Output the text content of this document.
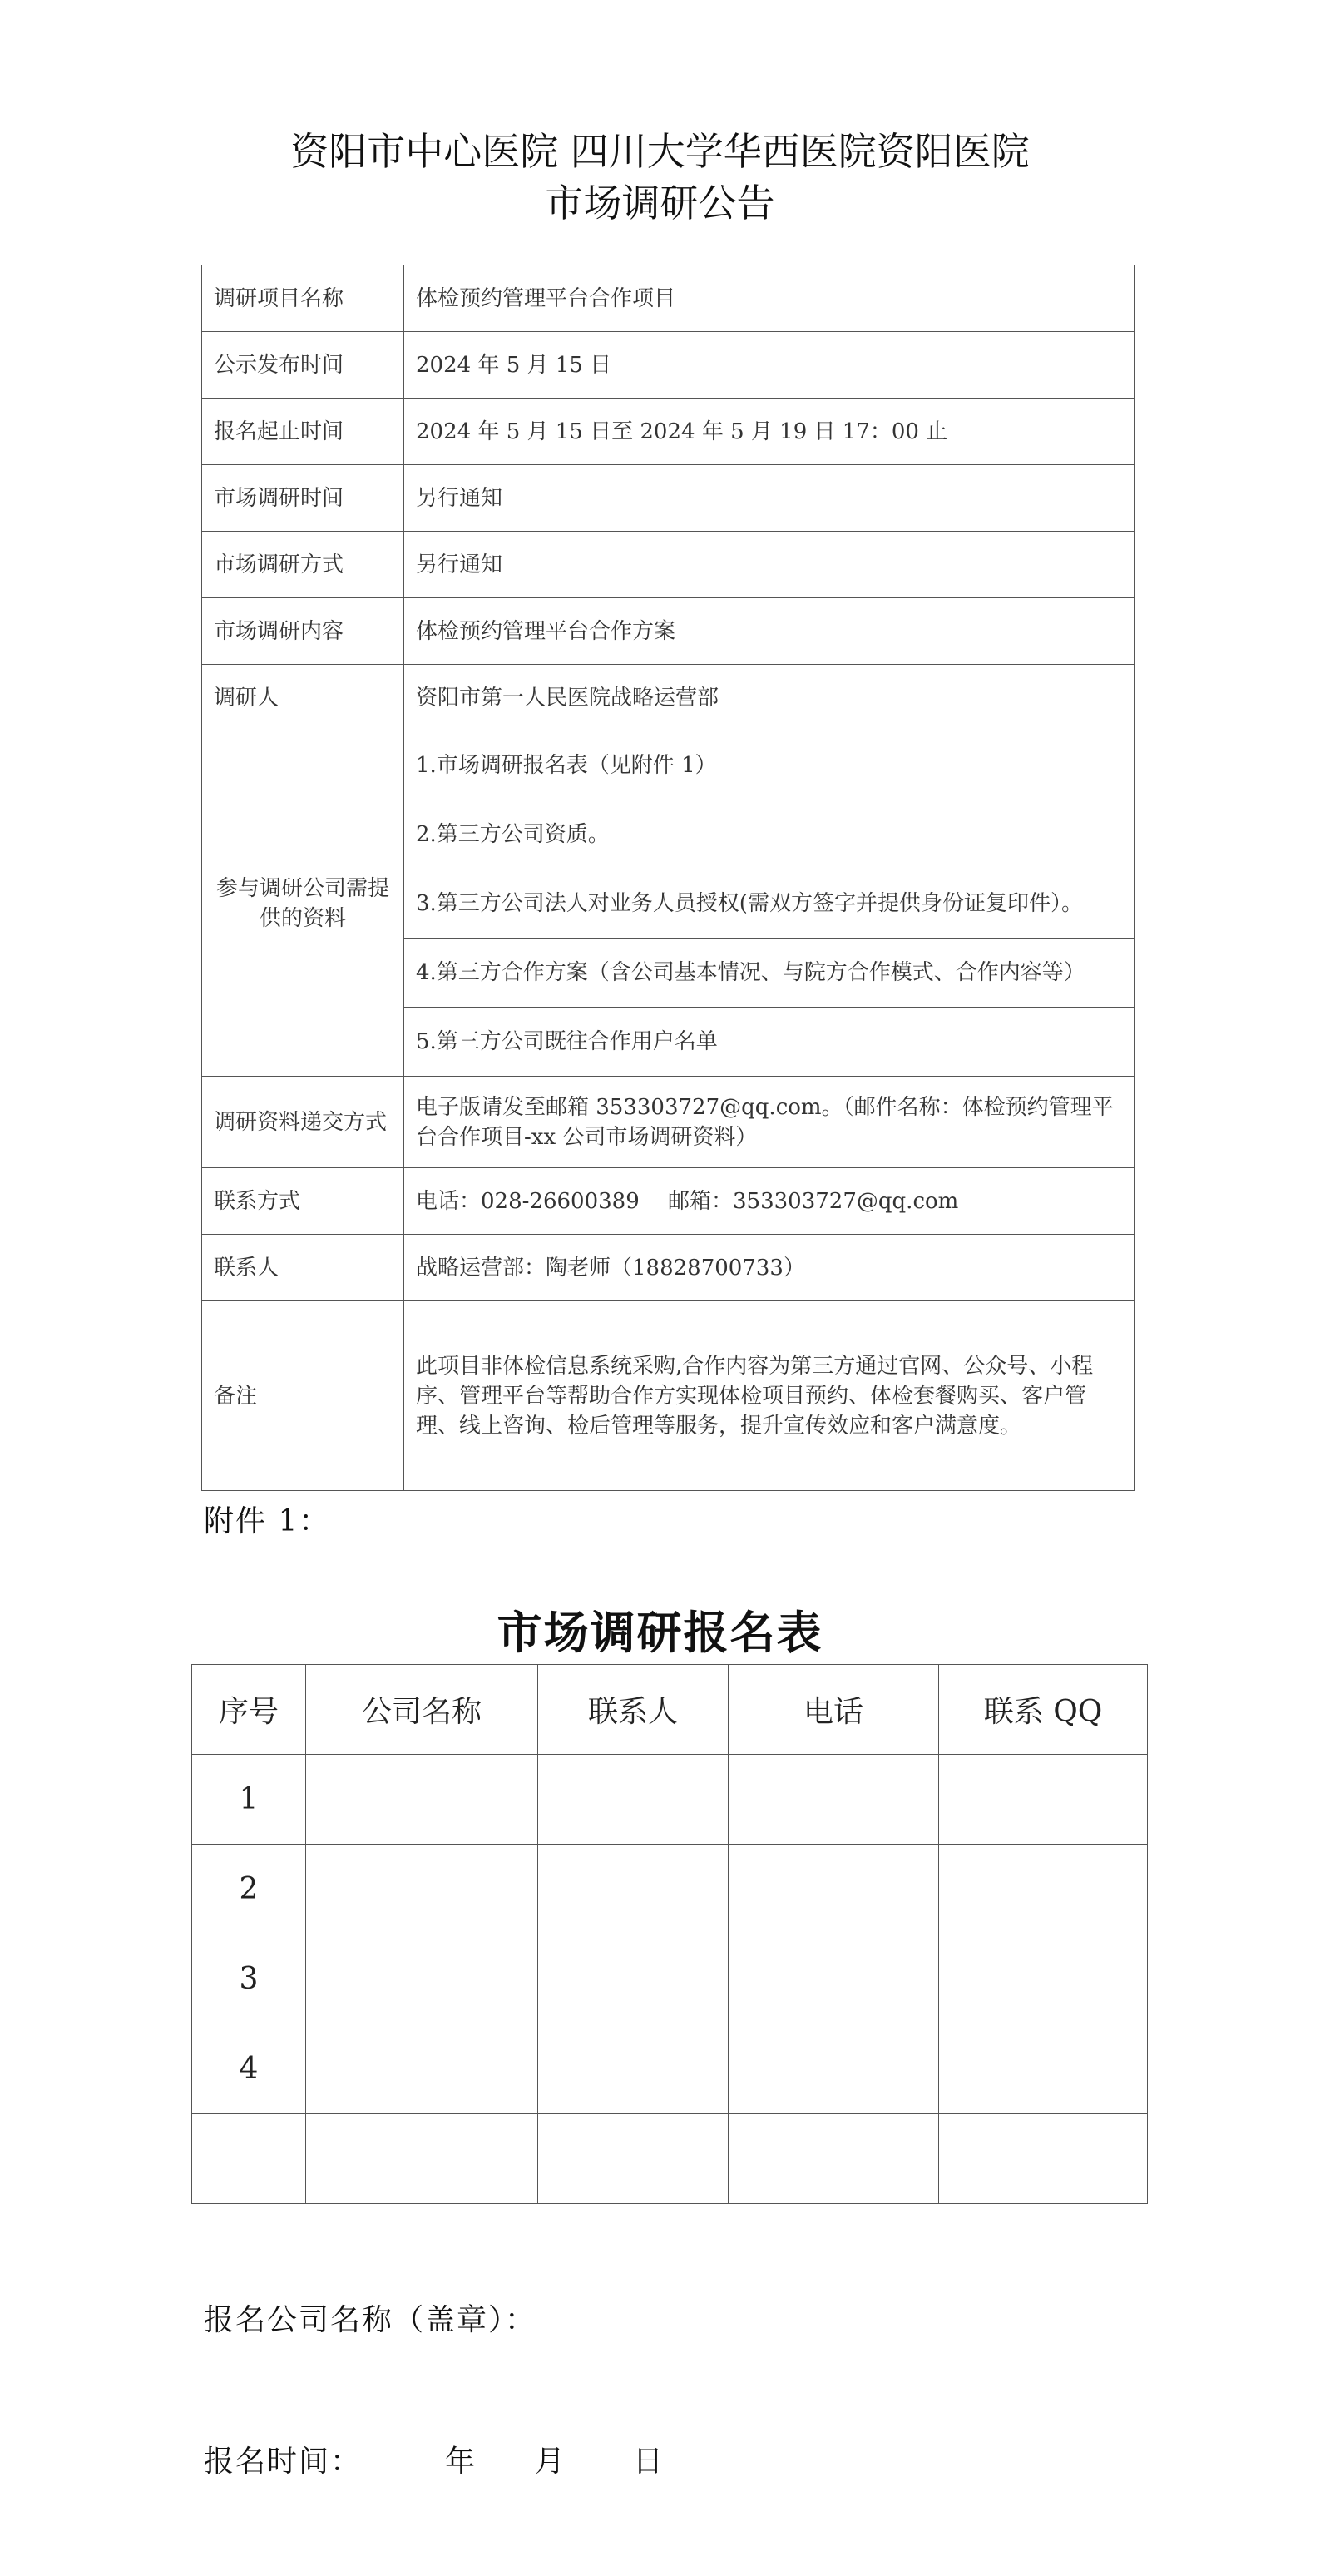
资阳市中心医院 四川大学华西医院资阳医院
市场调研公告
调研项目名称	体检预约管理平台合作项目
公示发布时间	2024 年 5 月 15 日
报名起止时间	2024 年 5 月 15 日至 2024 年 5 月 19 日 17：00 止
市场调研时间	另行通知
市场调研方式	另行通知
市场调研内容	体检预约管理平台合作方案
调研人	资阳市第一人民医院战略运营部
参与调研公司需提供的资料	1.市场调研报名表（见附件 1）
	2.第三方公司资质。
	3.第三方公司法人对业务人员授权(需双方签字并提供身份证复印件）。
	4.第三方合作方案（含公司基本情况、与院方合作模式、合作内容等）
	5.第三方公司既往合作用户名单
调研资料递交方式	电子版请发至邮箱 353303727@qq.com。（邮件名称：体检预约管理平台合作项目-xx 公司市场调研资料）
联系方式	电话：028-26600389　 邮箱：353303727@qq.com
联系人	战略运营部：陶老师（18828700733）
备注	此项目非体检信息系统采购,合作内容为第三方通过官网、公众号、小程序、管理平台等帮助合作方实现体检项目预约、体检套餐购买、客户管理、线上咨询、检后管理等服务，提升宣传效应和客户满意度。
附件 1：
市场调研报名表
序号	公司名称	联系人	电话	联系 QQ
1				
2				
3				
4				

报名公司名称（盖章）：
报名时间：	年 月 日
